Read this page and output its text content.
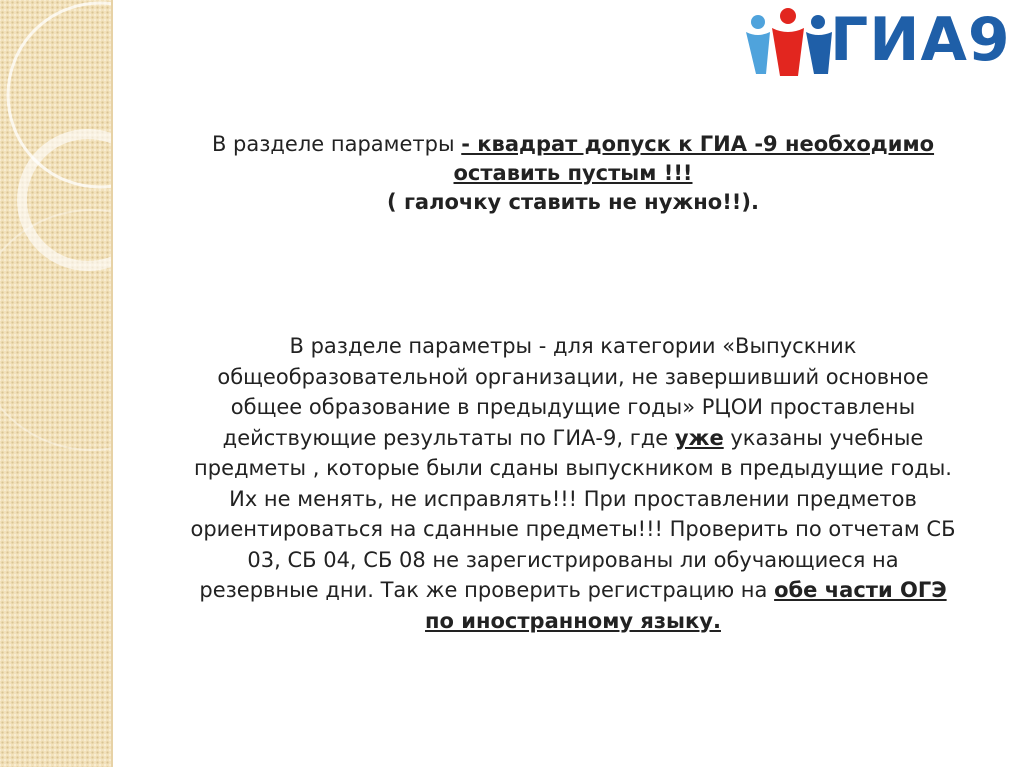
ГИА9
В разделе параметры - квадрат допуск к ГИА -9 необходимо оставить пустым !!!
( галочку ставить не нужно!!).
В разделе параметры - для категории «Выпускник общеобразовательной организации, не завершивший основное общее образование в предыдущие годы» РЦОИ проставлены действующие результаты по ГИА-9, где уже указаны учебные предметы , которые были сданы выпускником в предыдущие годы. Их не менять, не исправлять!!! При проставлении предметов ориентироваться на сданные предметы!!! Проверить по отчетам СБ 03, СБ 04, СБ 08 не зарегистрированы ли обучающиеся на резервные дни. Так же проверить регистрацию на обе части ОГЭ по иностранному языку.
